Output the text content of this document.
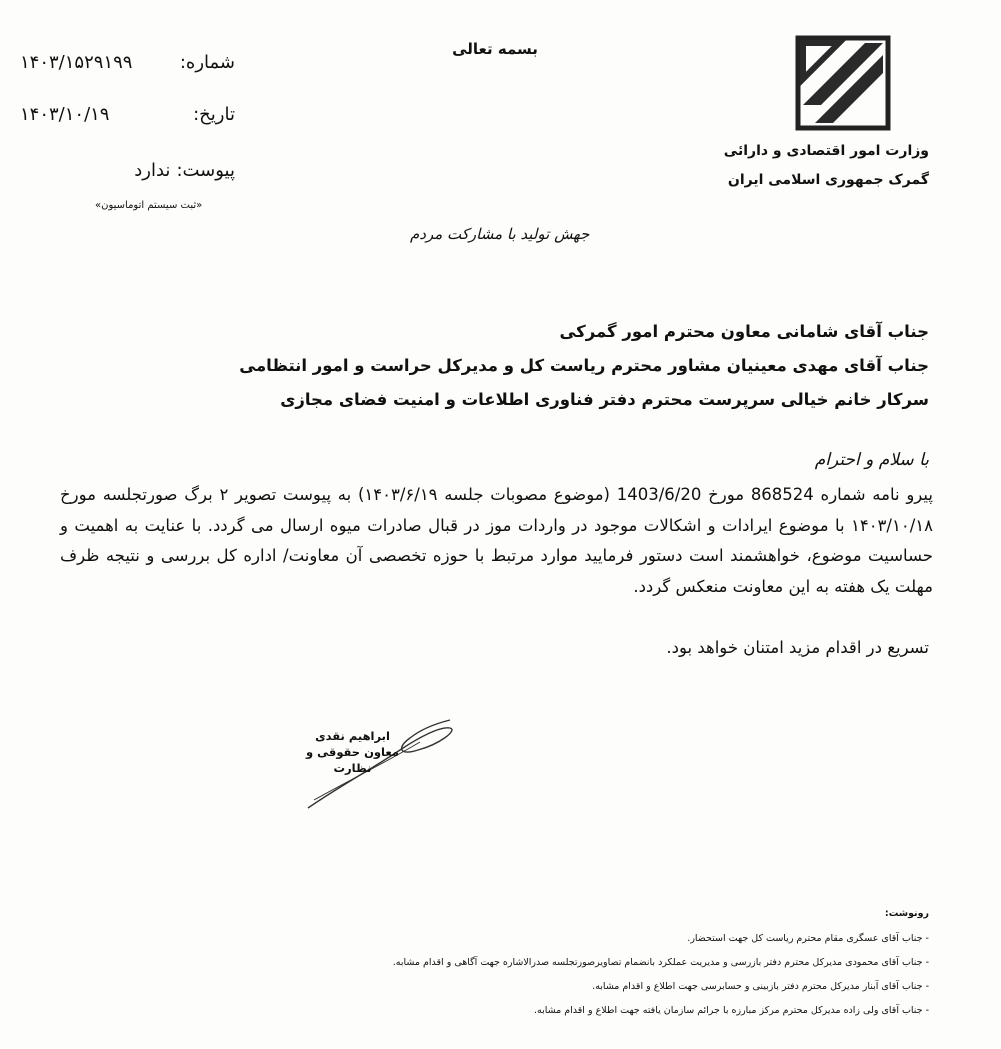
وزارت امور اقتصادی و دارائی
گمرک جمهوری اسلامی ایران
بسمه تعالی
شماره:
۱۴۰۳/۱۵۲۹۱۹۹
تاریخ:
۱۴۰۳/۱۰/۱۹
پیوست:
ندارد
«ثبت سیستم اتوماسیون»
جهش تولید با مشارکت مردم
جناب آقای شامانی معاون محترم امور گمرکی
جناب آقای مهدی معینیان مشاور محترم ریاست کل و مدیرکل حراست و امور انتظامی
سرکار خانم خیالی سرپرست محترم دفتر فناوری اطلاعات و امنیت فضای مجازی
با سلام و احترام

پیرو نامه شماره 868524 مورخ 1403/6/20 (موضوع مصوبات جلسه ۱۴۰۳/۶/۱۹) به پیوست تصویر ۲ برگ صورتجلسه مورخ ۱۴۰۳/۱۰/۱۸ با موضوع ایرادات و اشکالات موجود در واردات موز در قبال صادرات میوه ارسال می گردد. با عنایت به اهمیت و حساسیت موضوع، خواهشمند است دستور فرمایید موارد مرتبط با حوزه تخصصی آن معاونت/ اداره کل بررسی و نتیجه ظرف مهلت یک هفته به این معاونت منعکس گردد.

تسریع در اقدام مزید امتنان خواهد بود.
ابراهیم نقدی
معاون حقوقی و نظارت
رونوشت:
- جناب آقای عسگری مقام محترم ریاست کل جهت استحضار.
- جناب آقای محمودی مدیرکل محترم دفتر بازرسی و مدیریت عملکرد بانضمام تصاویرصورتجلسه صدرالاشاره جهت آگاهی و اقدام مشابه.
- جناب آقای آبنار مدیرکل محترم دفتر بازبینی و حسابرسی جهت اطلاع و اقدام مشابه.
- جناب آقای ولی زاده مدیرکل محترم مرکز مبارزه با جرائم سازمان یافته جهت اطلاع و اقدام مشابه.
